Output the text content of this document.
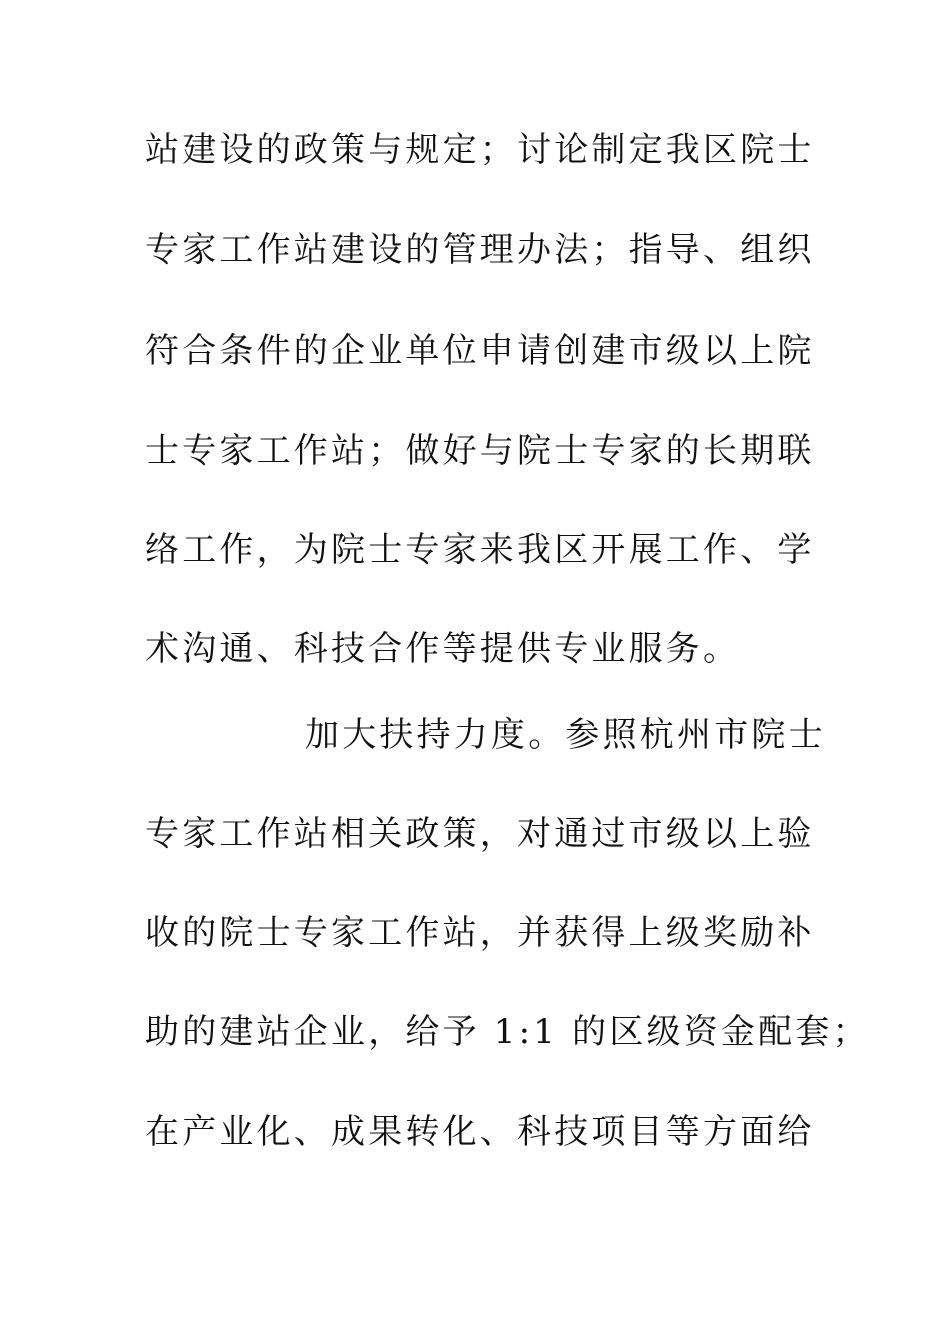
站建设的政策与规定；讨论制定我区院士

专家工作站建设的管理办法；指导、组织

符合条件的企业单位申请创建市级以上院

士专家工作站；做好与院士专家的长期联

络工作，为院士专家来我区开展工作、学

术沟通、科技合作等提供专业服务。

加大扶持力度。参照杭州市院士

专家工作站相关政策，对通过市级以上验

收的院士专家工作站，并获得上级奖励补

助的建站企业，给予 1:1 的区级资金配套；

在产业化、成果转化、科技项目等方面给
